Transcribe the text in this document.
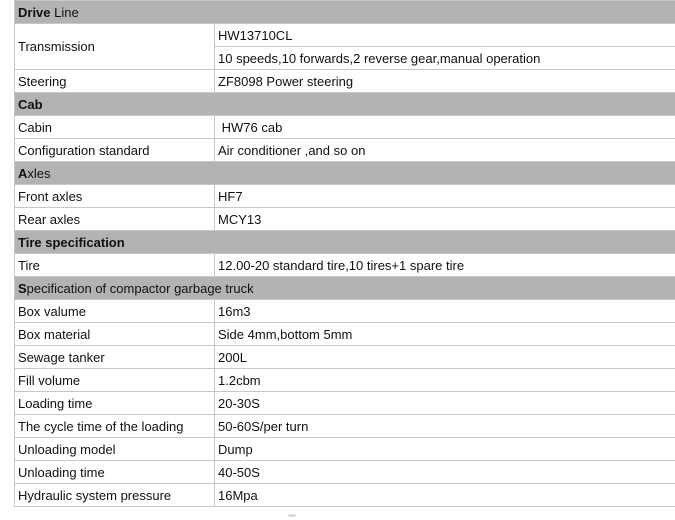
Drive Line	
Transmission	HW13710CL
	10 speeds,10 forwards,2 reverse gear,manual operation
Steering	ZF8098 Power steering
Cab	
Cabin	HW76 cab
Configuration standard	Air conditioner ,and so on
Axles	
Front axles	HF7
Rear axles	MCY13
Tire specification	
Tire	12.00-20 standard tire,10 tires+1 spare tire
Specification of compactor garbage truck	
Box valume	16m3
Box material	Side 4mm,bottom 5mm
Sewage tanker	200L
Fill volume	1.2cbm
Loading time	20-30S
The cycle time of the loading	50-60S/per turn
Unloading model	Dump
Unloading time	40-50S
Hydraulic system pressure	16Mpa
